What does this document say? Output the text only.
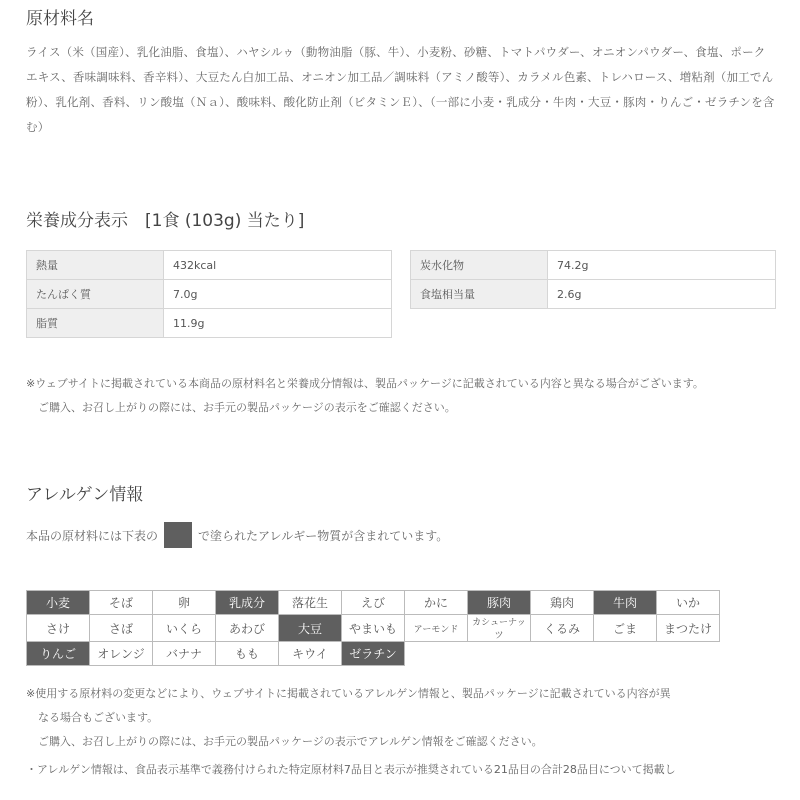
原材料名
ライス（米（国産）、乳化油脂、食塩）、ハヤシルゥ（動物油脂（豚、牛）、小麦粉、砂糖、トマトパウダー、オニオンパウダー、食塩、ポークエキス、香味調味料、香辛料）、大豆たん白加工品、オニオン加工品／調味料（アミノ酸等）、カラメル色素、トレハロース、増粘剤（加工でん粉）、乳化剤、香料、リン酸塩（Ｎａ）、酸味料、酸化防止剤（ビタミンＥ）、（一部に小麦・乳成分・牛肉・大豆・豚肉・りんご・ゼラチンを含む）
栄養成分表示　[1食 (103g) 当たり]
熱量	432kcal
たんぱく質	7.0g
脂質	11.9g
炭水化物	74.2g
食塩相当量	2.6g

※ウェブサイトに掲載されている本商品の原材料名と栄養成分情報は、製品パッケージに記載されている内容と異なる場合がございます。

ご購入、お召し上がりの際には、お手元の製品パッケージの表示をご確認ください。

アレルゲン情報
本品の原材料には下表の	で塗られたアレルギー物質が含まれています。
小麦	そば	卵	乳成分	落花生	えび	かに	豚肉	鶏肉	牛肉	いか
さけ	さば	いくら	あわび	大豆	やまいも	アーモンド	カシューナッツ	くるみ	ごま	まつたけ
りんご	オレンジ	バナナ	もも	キウイ	ゼラチン					

※使用する原材料の変更などにより、ウェブサイトに掲載されているアレルゲン情報と、製品パッケージに記載されている内容が異

なる場合もございます。

ご購入、お召し上がりの際には、お手元の製品パッケージの表示でアレルゲン情報をご確認ください。

・アレルゲン情報は、食品表示基準で義務付けられた特定原材料7品目と表示が推奨されている21品目の合計28品目について掲載し
